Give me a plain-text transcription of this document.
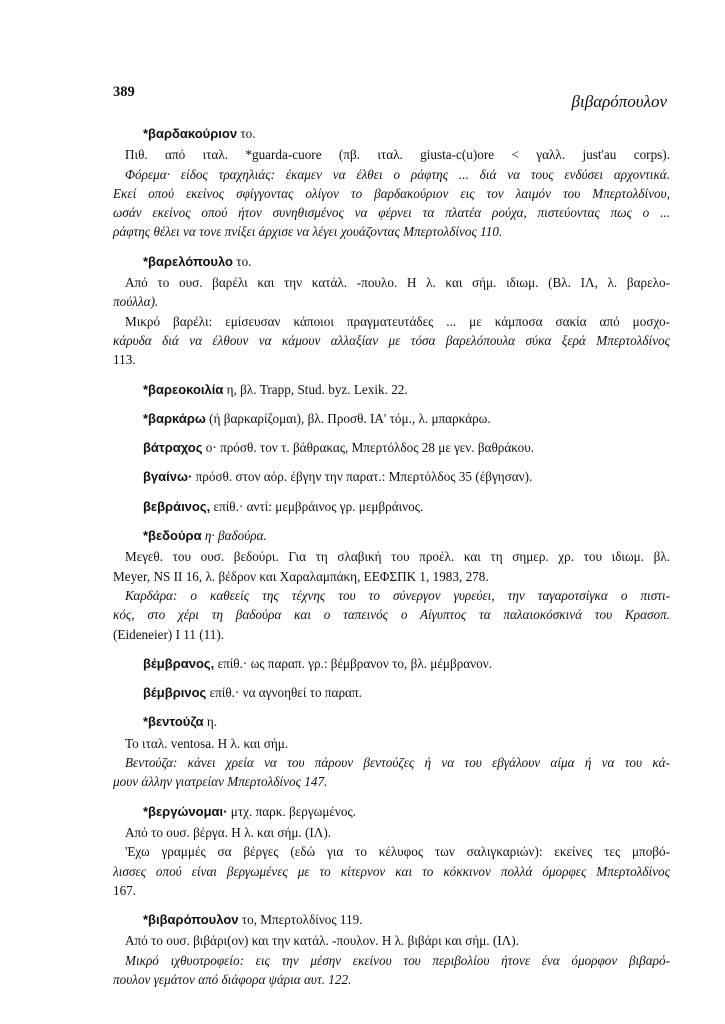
389	βιβαρόπουλον
*βαρδακούριον το.
Πιθ. από ιταλ. *guarda-cuore (πβ. ιταλ. giusta-c(u)ore < γαλλ. just'au corps).
Φόρεμα· είδος τραχηλιάς: έκαμεν να έλθει ο ράφτης ... διά να τους ενδύσει αρχοντικά.
Εκεί οπού εκείνος σφίγγοντας ολίγον το βαρδακούριον εις τον λαιμόν του Μπερτολδίνου,
ωσάν εκείνος οπού ήτον συνηθισμένος να φέρνει τα πλατέα ρούχα, πιστεύοντας πως ο ...
ράφτης θέλει να τονε πνίξει άρχισε να λέγει χουάζοντας Μπερτολδίνος 110.
*βαρελόπουλο το.
Από το ουσ. βαρέλι και την κατάλ. -πουλο. Η λ. και σήμ. ιδιωμ. (Βλ. ΙΛ, λ. βαρελο-
πούλλα).
Μικρό βαρέλι: εμίσευσαν κάποιοι πραγματευτάδες ... με κάμποσα σακία από μοσχο-
κάρυδα διά να έλθουν να κάμουν αλλαξίαν με τόσα βαρελόπουλα σύκα ξερά Μπερτολδίνος
113.
*βαρεοκοιλία η, βλ. Trapp, Stud. byz. Lexik. 22.
*βαρκάρω (ή βαρκαρίζομαι), βλ. Προσθ. ΙΑ' τόμ., λ. μπαρκάρω.
βάτραχος ο· πρόσθ. τον τ. βάθρακας, Μπερτόλδος 28 με γεν. βαθράκου.
βγαίνω· πρόσθ. στον αόρ. έβγην την παρατ.: Μπερτόλδος 35 (έβγησαν).
βεβράινος, επίθ.· αντί: μεμβράινος γρ. μεμβράινος.
*βεδούρα η· βαδούρα.
Μεγεθ. του ουσ. βεδούρι. Για τη σλαβική του προέλ. και τη σημερ. χρ. του ιδιωμ. βλ.
Meyer, NS II 16, λ. βέδρον και Χαραλαμπάκη, ΕΕΦΣΠΚ 1, 1983, 278.
Καρδάρα: ο καθεείς της τέχνης του το σύνεργον γυρεύει, την ταγαροτσίγκα ο πιστι-
κός, στο χέρι τη βαδούρα και ο ταπεινός ο Αίγυπτος τα παλαιοκόσκινά του Κρασοπ.
(Eideneier) I 11 (11).
βέμβρανος, επίθ.· ως παραπ. γρ.: βέμβρανον το, βλ. μέμβρανον.
βέμβρινος επίθ.· να αγνοηθεί το παραπ.
*βεντούζα η.
Το ιταλ. ventosa. Η λ. και σήμ.
Βεντούζα: κάνει χρεία να του πάρουν βεντούζες ή να του εβγάλουν αίμα ή να του κά-
μουν άλλην γιατρείαν Μπερτολδίνος 147.
*βεργώνομαι· μτχ. παρκ. βεργωμένος.
Από το ουσ. βέργα. Η λ. και σήμ. (ΙΛ).
'Εχω γραμμές σα βέργες (εδώ για το κέλυφος των σαλιγκαριών): εκείνες τες μποβό-
λισσες οπού είναι βεργωμένες με το κίτερνον και το κόκκινον πολλά όμορφες Μπερτολδίνος
167.
*βιβαρόπουλον το, Μπερτολδίνος 119.
Από το ουσ. βιβάρι(ον) και την κατάλ. -πουλον. Η λ. βιβάρι και σήμ. (ΙΛ).
Μικρό ιχθυοτροφείο: εις την μέσην εκείνου του περιβολίου ήτονε ένα όμορφον βιβαρό-
πουλον γεμάτον από διάφορα ψάρια αυτ. 122.
